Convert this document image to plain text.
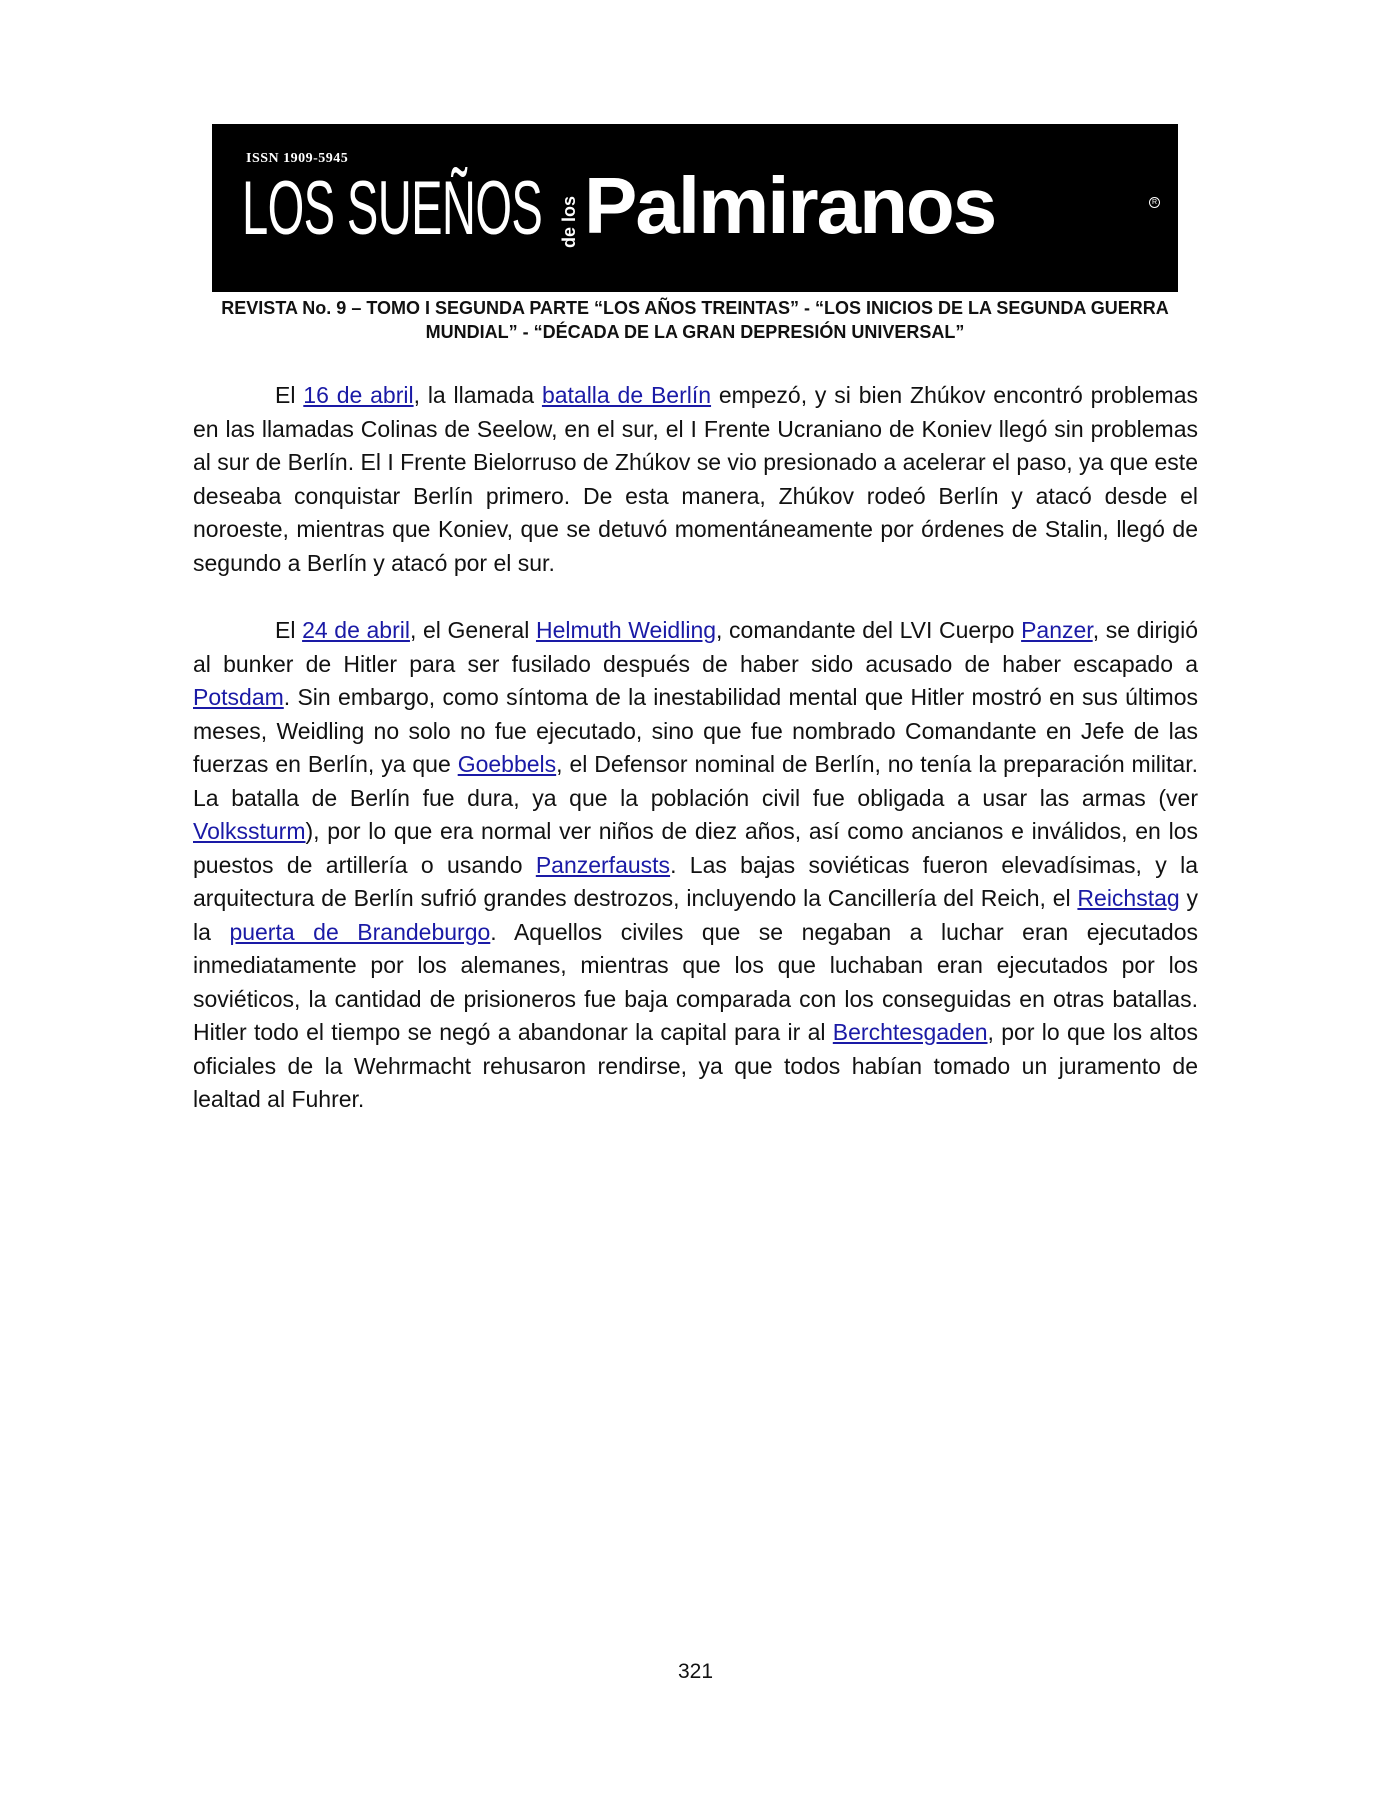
ISSN 1909-5945
LOS SUEÑOS de los Palmiranos	R
REVISTA No. 9 – TOMO I SEGUNDA PARTE “LOS AÑOS TREINTAS” - “LOS INICIOS DE LA SEGUNDA GUERRA
MUNDIAL” - “DÉCADA DE LA GRAN DEPRESIÓN UNIVERSAL”

El 16 de abril, la llamada batalla de Berlín empezó, y si bien Zhúkov encontró problemas en las llamadas Colinas de Seelow, en el sur, el I Frente Ucraniano de Koniev llegó sin problemas al sur de Berlín. El I Frente Bielorruso de Zhúkov se vio presionado a acelerar el paso, ya que este deseaba conquistar Berlín primero. De esta manera, Zhúkov rodeó Berlín y atacó desde el noroeste, mientras que Koniev, que se detuvó momentáneamente por órdenes de Stalin, llegó de segundo a Berlín y atacó por el sur.

El 24 de abril, el General Helmuth Weidling, comandante del LVI Cuerpo Panzer, se dirigió al bunker de Hitler para ser fusilado después de haber sido acusado de haber escapado a Potsdam. Sin embargo, como síntoma de la inestabilidad mental que Hitler mostró en sus últimos meses, Weidling no solo no fue ejecutado, sino que fue nombrado Comandante en Jefe de las fuerzas en Berlín, ya que Goebbels, el Defensor nominal de Berlín, no tenía la preparación militar. La batalla de Berlín fue dura, ya que la población civil fue obligada a usar las armas (ver Volkssturm), por lo que era normal ver niños de diez años, así como ancianos e inválidos, en los puestos de artillería o usando Panzerfausts. Las bajas soviéticas fueron elevadísimas, y la arquitectura de Berlín sufrió grandes destrozos, incluyendo la Cancillería del Reich, el Reichstag y la puerta de Brandeburgo. Aquellos civiles que se negaban a luchar eran ejecutados inmediatamente por los alemanes, mientras que los que luchaban eran ejecutados por los soviéticos, la cantidad de prisioneros fue baja comparada con los conseguidas en otras batallas. Hitler todo el tiempo se negó a abandonar la capital para ir al Berchtesgaden, por lo que los altos oficiales de la Wehrmacht rehusaron rendirse, ya que todos habían tomado un juramento de lealtad al Fuhrer.

321
